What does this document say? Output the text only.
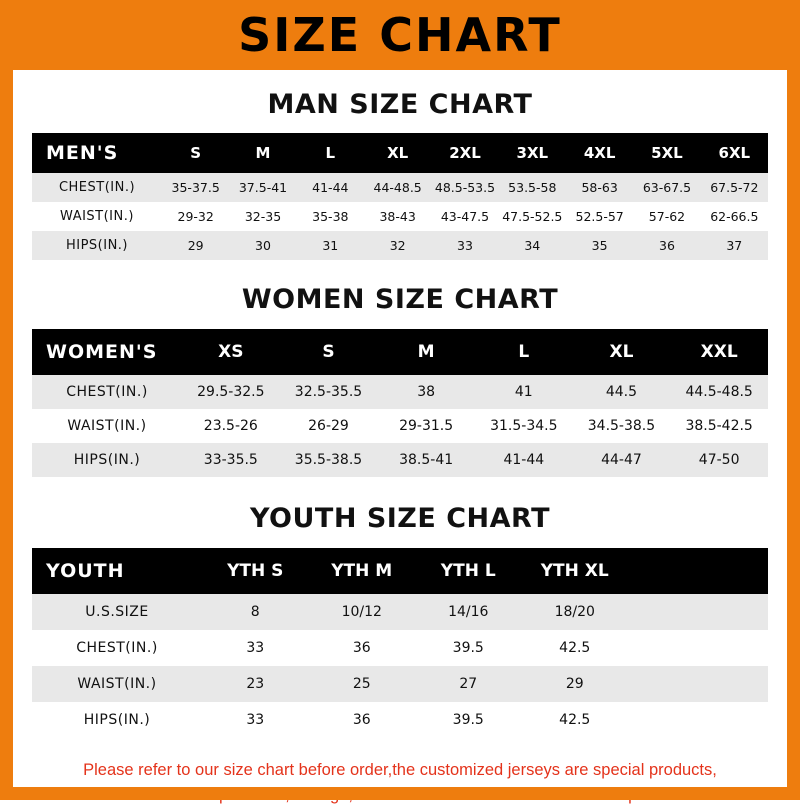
SIZE CHART
MAN SIZE CHART
MEN'S	S	M	L	XL	2XL	3XL	4XL	5XL	6XL
CHEST(IN.)	35-37.5	37.5-41	41-44	44-48.5	48.5-53.5	53.5-58	58-63	63-67.5	67.5-72
WAIST(IN.)	29-32	32-35	35-38	38-43	43-47.5	47.5-52.5	52.5-57	57-62	62-66.5
HIPS(IN.)	29	30	31	32	33	34	35	36	37
WOMEN SIZE CHART
WOMEN'S	XS	S	M	L	XL	XXL
CHEST(IN.)	29.5-32.5	32.5-35.5	38	41	44.5	44.5-48.5
WAIST(IN.)	23.5-26	26-29	29-31.5	31.5-34.5	34.5-38.5	38.5-42.5
HIPS(IN.)	33-35.5	35.5-38.5	38.5-41	41-44	44-47	47-50
YOUTH SIZE CHART
YOUTH	YTH S	YTH M	YTH L	YTH XL	
U.S.SIZE	8	10/12	14/16	18/20	
CHEST(IN.)	33	36	39.5	42.5	
WAIST(IN.)	23	25	27	29	
HIPS(IN.)	33	36	39.5	42.5	
Please refer to our size chart before order,the customized jerseys are special products,
